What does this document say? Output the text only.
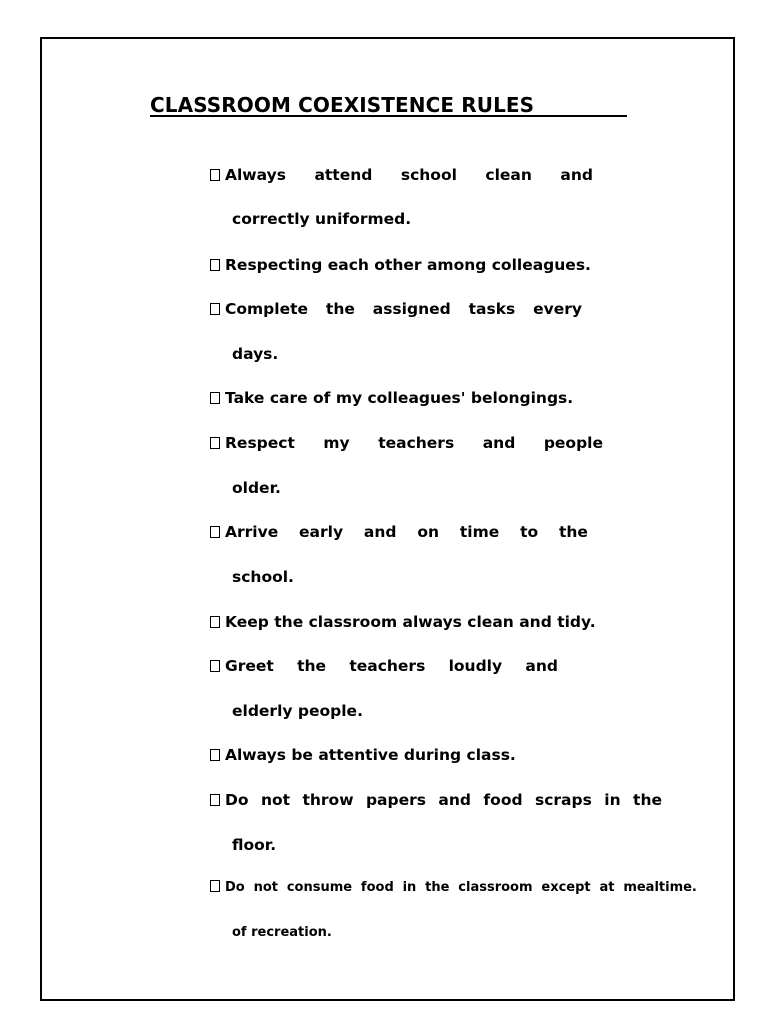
CLASSROOM COEXISTENCE RULES
Always attend school clean and
correctly uniformed.
Respecting each other among colleagues.
Complete the assigned tasks every
days.
Take care of my colleagues' belongings.
Respect my teachers and people
older.
Arrive early and on time to the
school.
Keep the classroom always clean and tidy.
Greet the teachers loudly and
elderly people.
Always be attentive during class.
Do not throw papers and food scraps in the
floor.
Do not consume food in the classroom except at mealtime.
of recreation.
